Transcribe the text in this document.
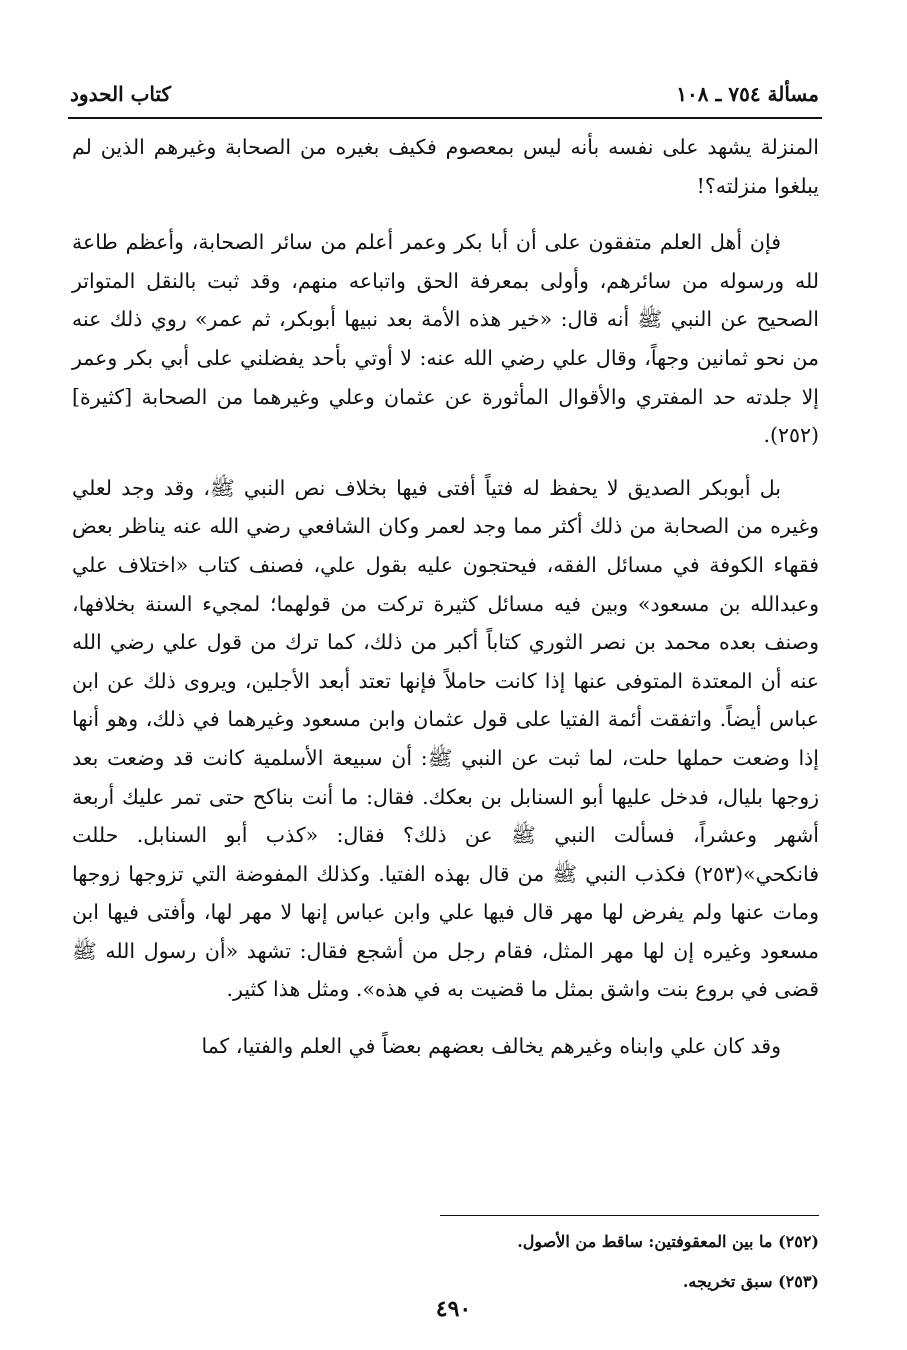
مسألة ٧٥٤ ـ ١٠٨
كتاب الحدود

المنزلة يشهد على نفسه بأنه ليس بمعصوم فكيف بغيره من الصحابة وغيرهم الذين لم يبلغوا منزلته؟!

فإن أهل العلم متفقون على أن أبا بكر وعمر أعلم من سائر الصحابة، وأعظم طاعة لله ورسوله من سائرهم، وأولى بمعرفة الحق واتباعه منهم، وقد ثبت بالنقل المتواتر الصحيح عن النبي ﷺ أنه قال: «خير هذه الأمة بعد نبيها أبوبكر، ثم عمر» روي ذلك عنه من نحو ثمانين وجهاً، وقال علي رضي الله عنه: لا أوتي بأحد يفضلني على أبي بكر وعمر إلا جلدته حد المفتري والأقوال المأثورة عن عثمان وعلي وغيرهما من الصحابة [كثيرة](٢٥٢).

بل أبوبكر الصديق لا يحفظ له فتياً أفتى فيها بخلاف نص النبي ﷺ، وقد وجد لعلي وغيره من الصحابة من ذلك أكثر مما وجد لعمر وكان الشافعي رضي الله عنه يناظر بعض فقهاء الكوفة في مسائل الفقه، فيحتجون عليه بقول علي، فصنف كتاب «اختلاف علي وعبدالله بن مسعود» وبين فيه مسائل كثيرة تركت من قولهما؛ لمجيء السنة بخلافها، وصنف بعده محمد بن نصر الثوري كتاباً أكبر من ذلك، كما ترك من قول علي رضي الله عنه أن المعتدة المتوفى عنها إذا كانت حاملاً فإنها تعتد أبعد الأجلين، ويروى ذلك عن ابن عباس أيضاً. واتفقت أئمة الفتيا على قول عثمان وابن مسعود وغيرهما في ذلك، وهو أنها إذا وضعت حملها حلت، لما ثبت عن النبي ﷺ: أن سبيعة الأسلمية كانت قد وضعت بعد زوجها بليال، فدخل عليها أبو السنابل بن بعكك. فقال: ما أنت بناكح حتى تمر عليك أربعة أشهر وعشراً، فسألت النبي ﷺ عن ذلك؟ فقال: «كذب أبو السنابل. حللت فانكحي»(٢٥٣) فكذب النبي ﷺ من قال بهذه الفتيا. وكذلك المفوضة التي تزوجها زوجها ومات عنها ولم يفرض لها مهر قال فيها علي وابن عباس إنها لا مهر لها، وأفتى فيها ابن مسعود وغيره إن لها مهر المثل، فقام رجل من أشجع فقال: تشهد «أن رسول الله ﷺ قضى في بروع بنت واشق بمثل ما قضيت به في هذه». ومثل هذا كثير.

وقد كان علي وابناه وغيرهم يخالف بعضهم بعضاً في العلم والفتيا، كما

(٢٥٢) ما بين المعقوفتين: ساقط من الأصول.
(٢٥٣) سبق تخريجه.
٤٩٠
